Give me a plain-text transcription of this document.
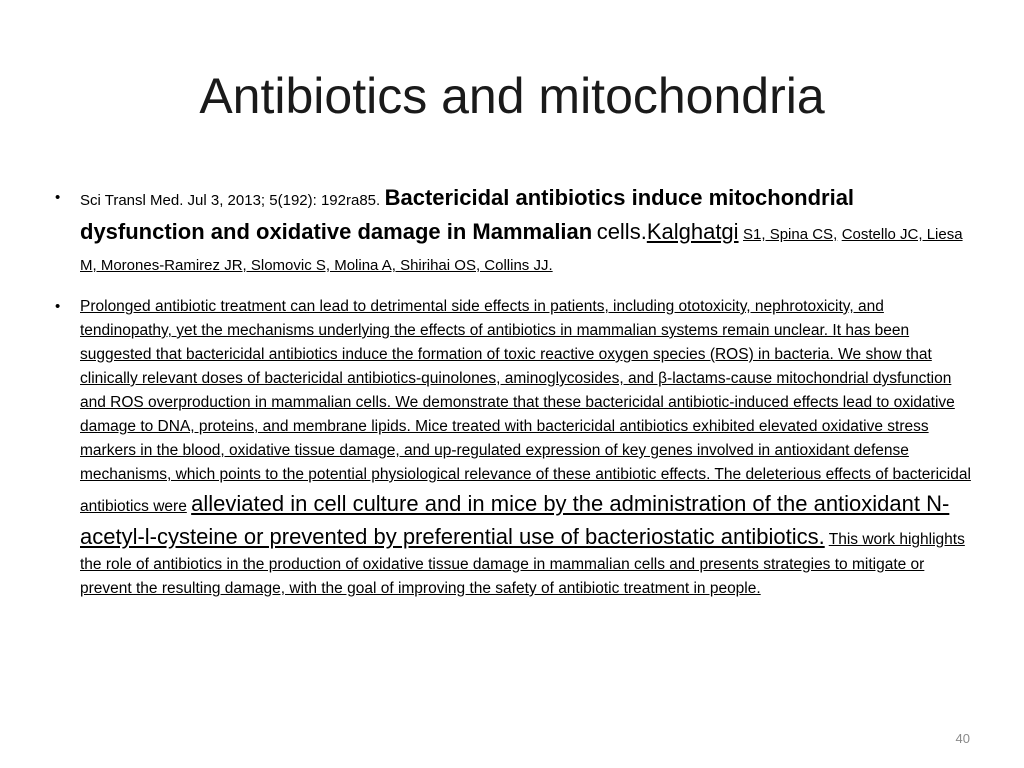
Antibiotics and mitochondria
• Sci Transl Med. Jul 3, 2013; 5(192): 192ra85. Bactericidal antibiotics induce mitochondrial dysfunction and oxidative damage in Mammalian cells.Kalghatgi S1, Spina CS, Costello JC, Liesa M, Morones-Ramirez JR, Slomovic S, Molina A, Shirihai OS, Collins JJ.
• Prolonged antibiotic treatment can lead to detrimental side effects in patients, including ototoxicity, nephrotoxicity, and tendinopathy, yet the mechanisms underlying the effects of antibiotics in mammalian systems remain unclear. It has been suggested that bactericidal antibiotics induce the formation of toxic reactive oxygen species (ROS) in bacteria. We show that clinically relevant doses of bactericidal antibiotics-quinolones, aminoglycosides, and β-lactams-cause mitochondrial dysfunction and ROS overproduction in mammalian cells. We demonstrate that these bactericidal antibiotic-induced effects lead to oxidative damage to DNA, proteins, and membrane lipids. Mice treated with bactericidal antibiotics exhibited elevated oxidative stress markers in the blood, oxidative tissue damage, and up-regulated expression of key genes involved in antioxidant defense mechanisms, which points to the potential physiological relevance of these antibiotic effects. The deleterious effects of bactericidal antibiotics were alleviated in cell culture and in mice by the administration of the antioxidant N-acetyl-l-cysteine or prevented by preferential use of bacteriostatic antibiotics. This work highlights the role of antibiotics in the production of oxidative tissue damage in mammalian cells and presents strategies to mitigate or prevent the resulting damage, with the goal of improving the safety of antibiotic treatment in people.
40
